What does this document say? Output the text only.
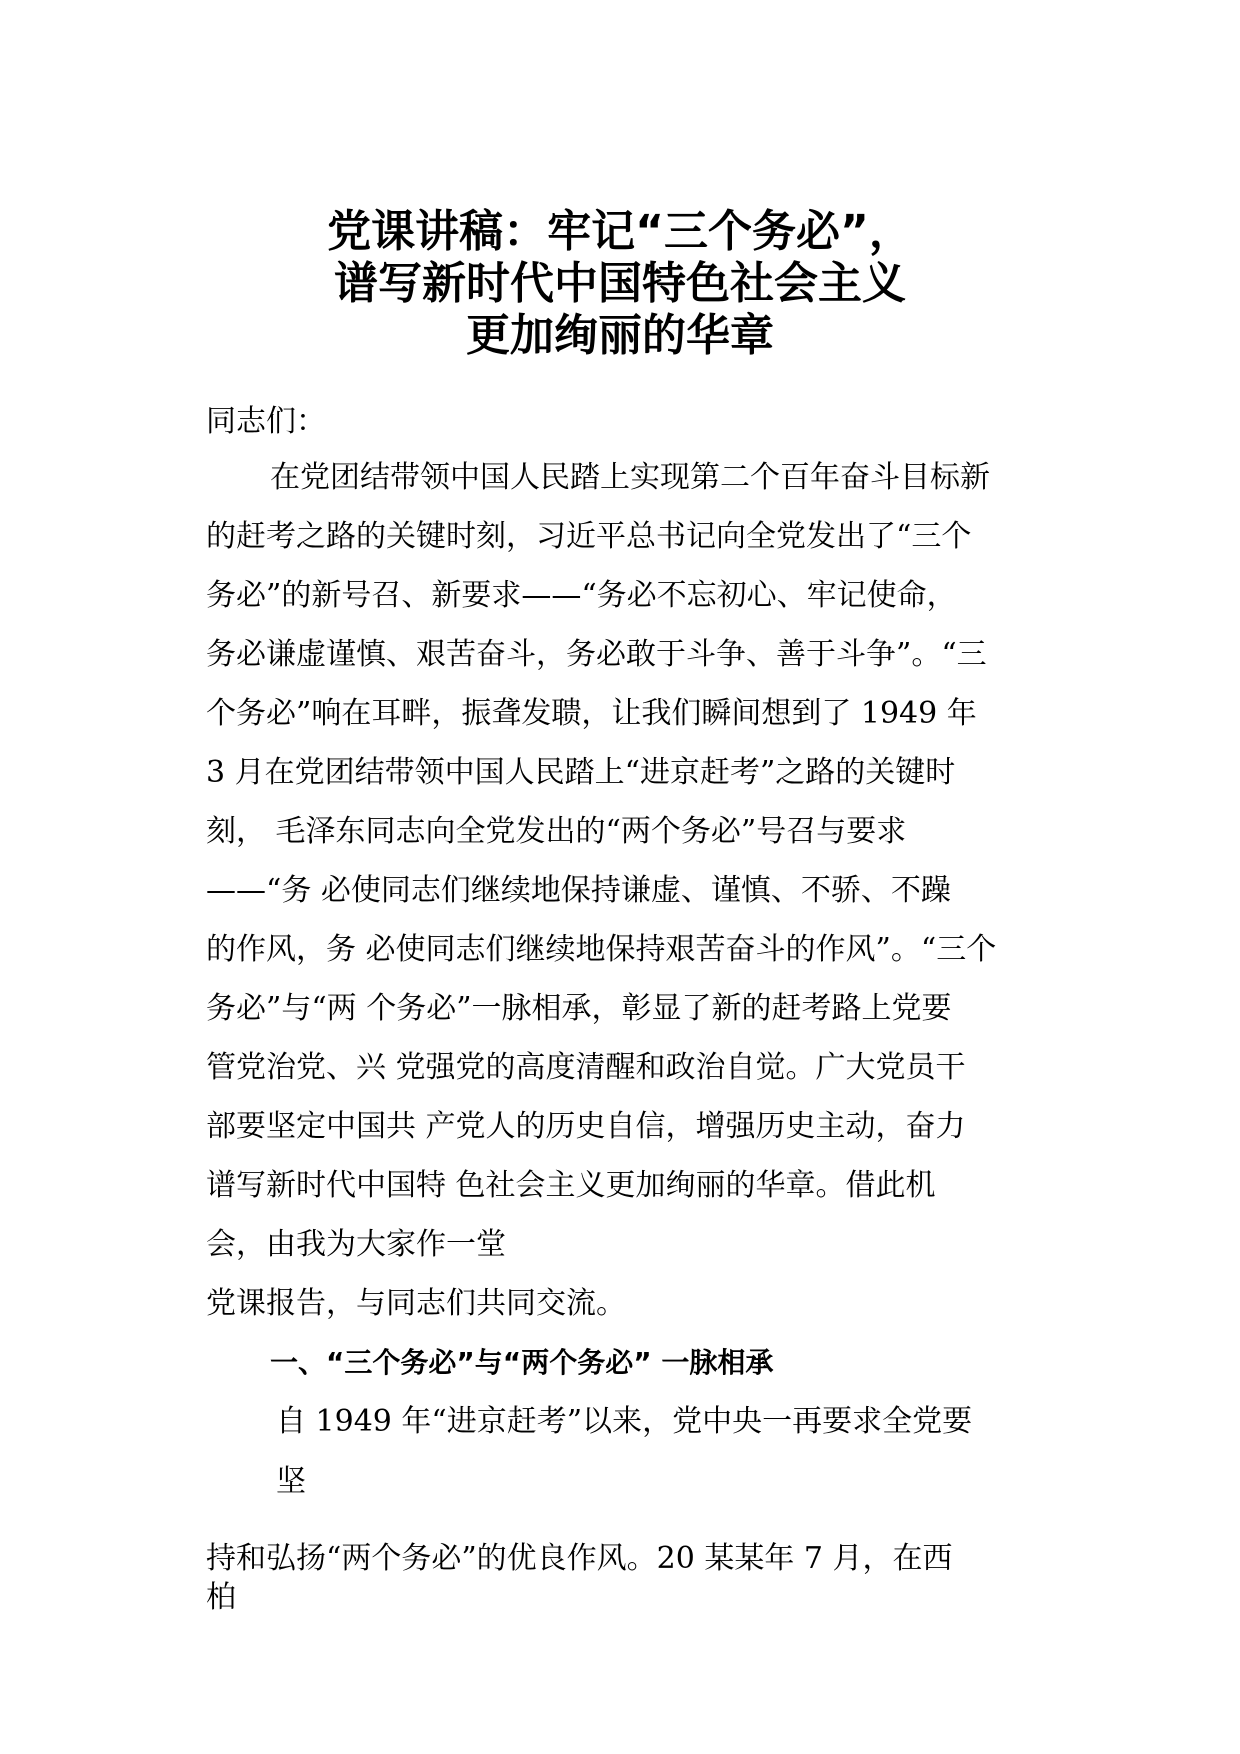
党课讲稿：牢记“三个务必”，
谱写新时代中国特色社会主义
更加绚丽的华章
同志们：
在党团结带领中国人民踏上实现第二个百年奋斗目标新
的赶考之路的关键时刻，习近平总书记向全党发出了“三个
务必”的新号召、新要求——“务必不忘初心、牢记使命，
务必谦虚谨慎、艰苦奋斗，务必敢于斗争、善于斗争”。“三
个务必”响在耳畔，振聋发聩，让我们瞬间想到了 1949 年
3 月在党团结带领中国人民踏上“进京赶考”之路的关键时
刻， 毛泽东同志向全党发出的“两个务必”号召与要求
——“务 必使同志们继续地保持谦虚、谨慎、不骄、不躁
的作风，务 必使同志们继续地保持艰苦奋斗的作风”。“三个
务必”与“两 个务必”一脉相承，彰显了新的赶考路上党要
管党治党、兴 党强党的高度清醒和政治自觉。广大党员干
部要坚定中国共 产党人的历史自信，增强历史主动，奋力
谱写新时代中国特 色社会主义更加绚丽的华章。借此机
会，由我为大家作一堂
党课报告，与同志们共同交流。
一、“三个务必”与“两个务必” 一脉相承
自 1949 年“进京赶考”以来，党中央一再要求全党要
坚
持和弘扬“两个务必”的优良作风。20 某某年 7 月，在西
柏
